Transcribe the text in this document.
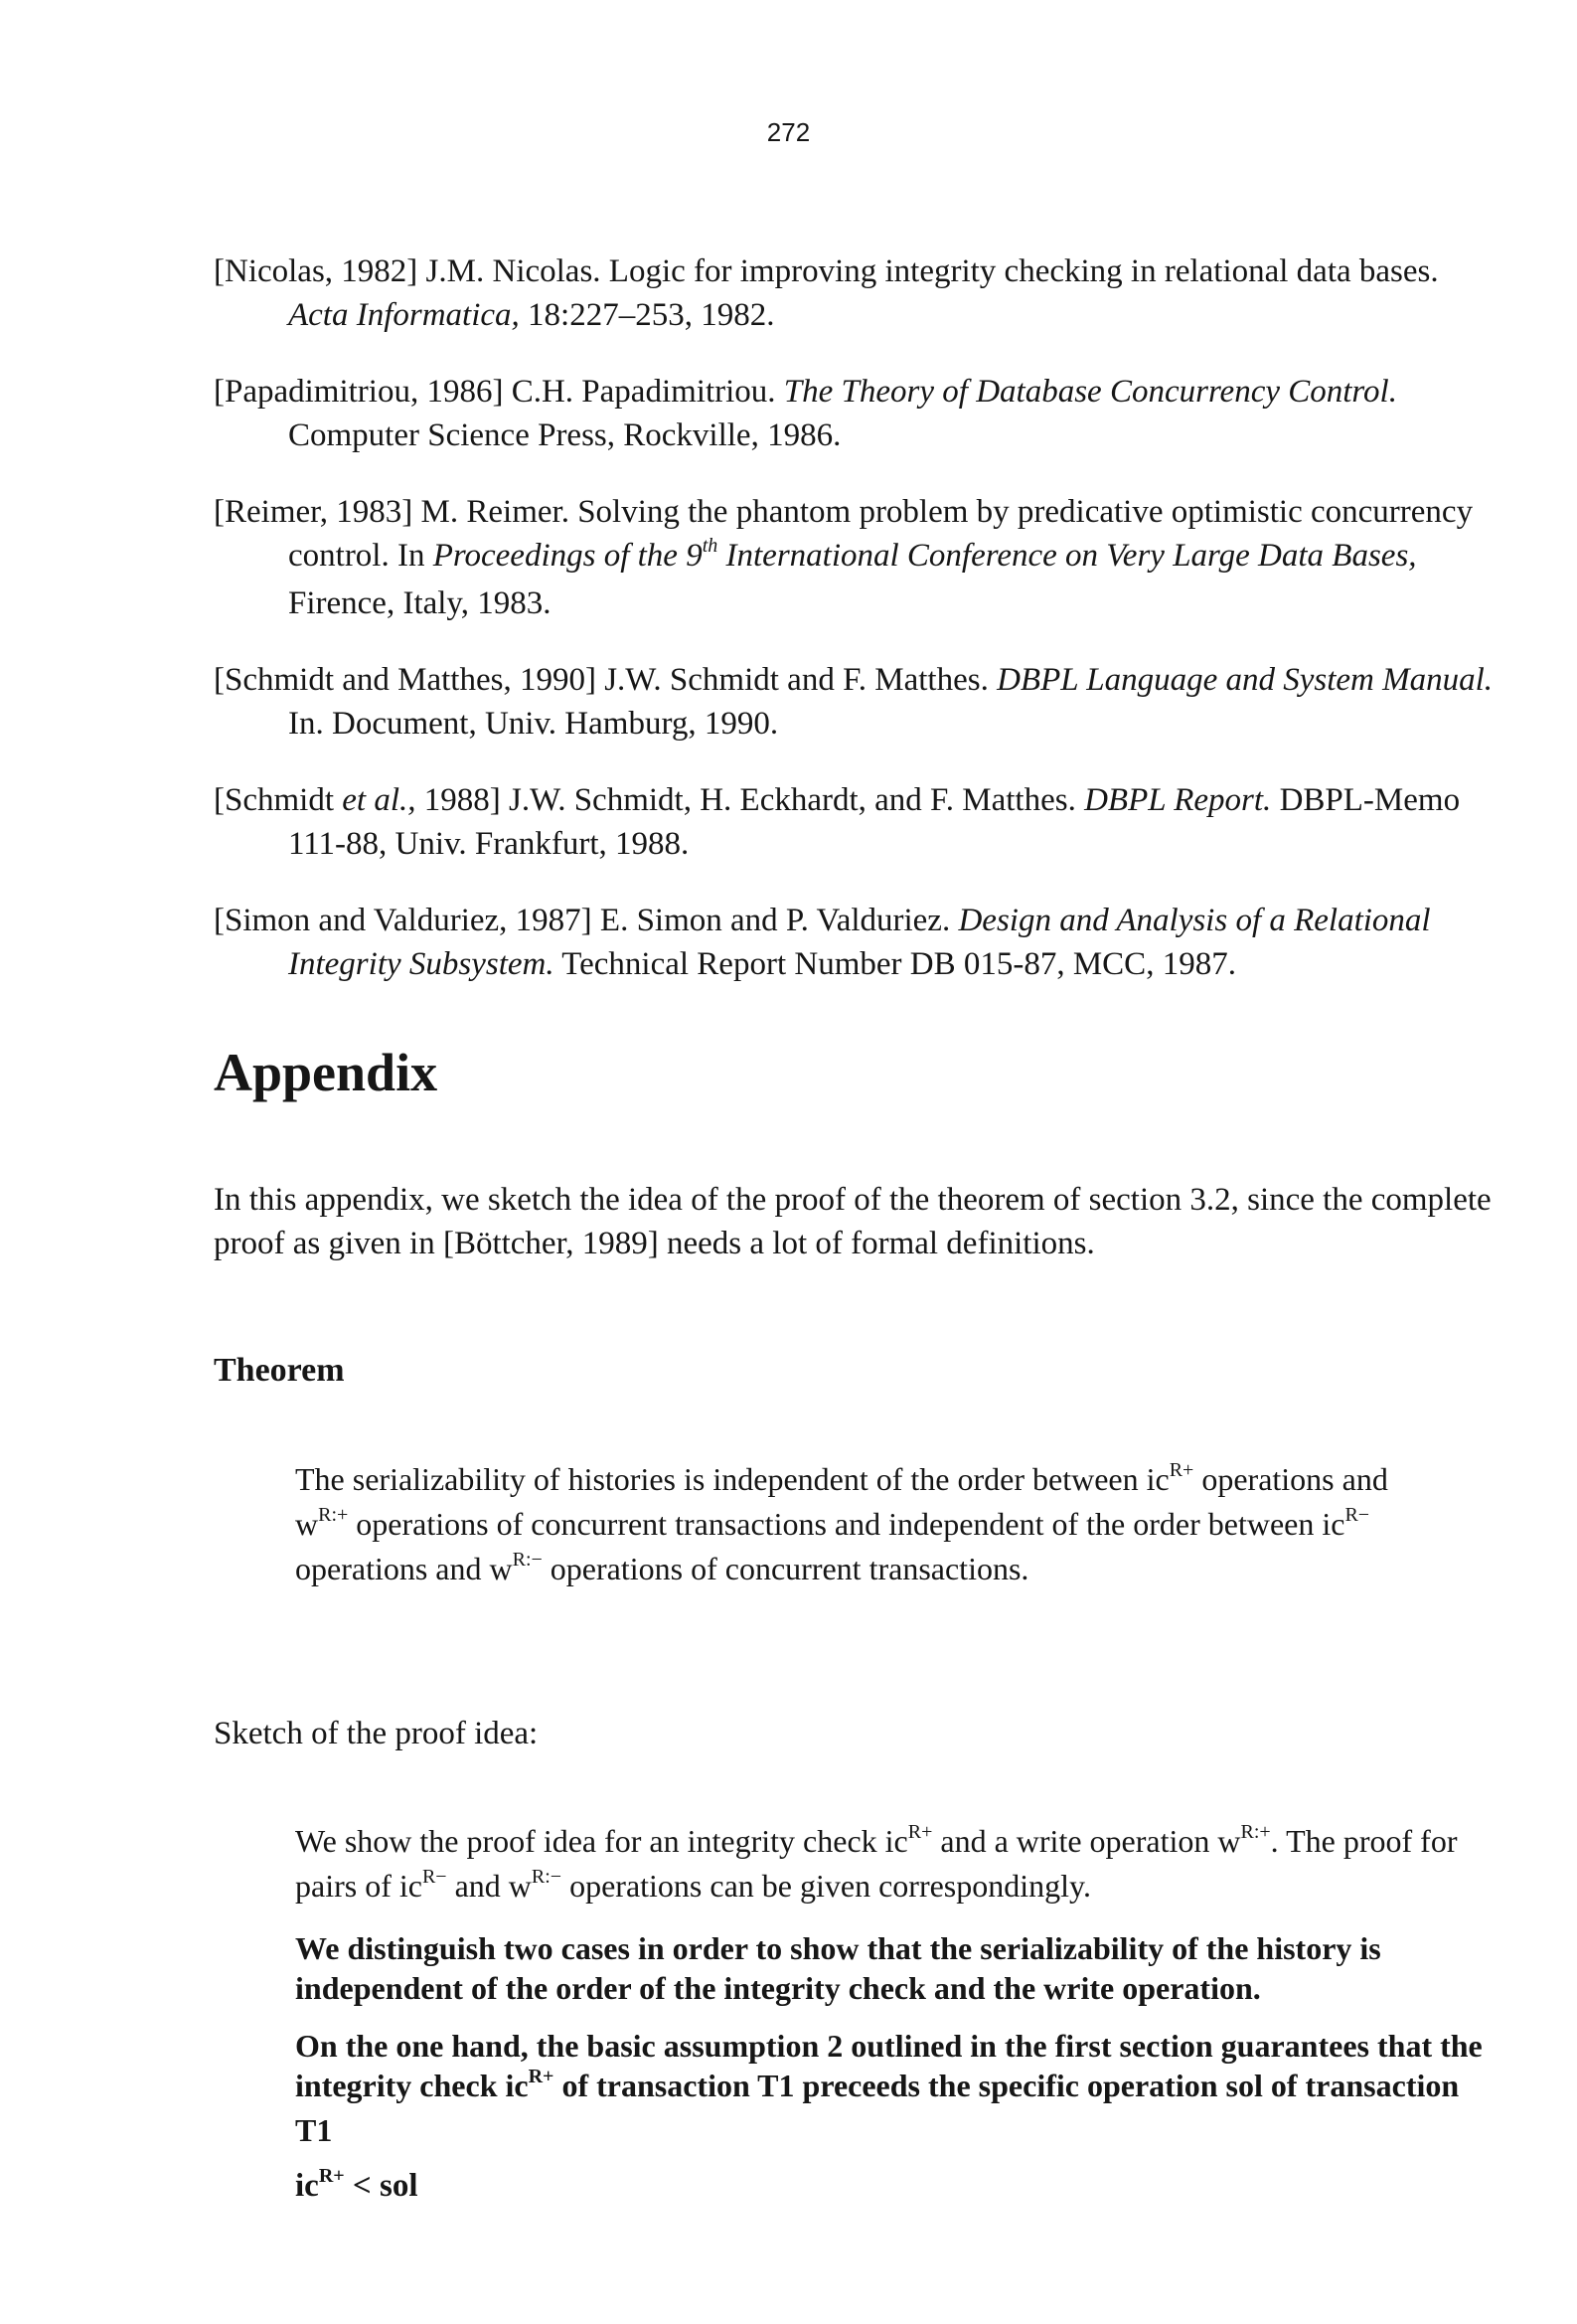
272

[Nicolas, 1982] J.M. Nicolas. Logic for improving integrity checking in relational data bases. Acta Informatica, 18:227–253, 1982.

[Papadimitriou, 1986] C.H. Papadimitriou. The Theory of Database Concurrency Control. Computer Science Press, Rockville, 1986.

[Reimer, 1983] M. Reimer. Solving the phantom problem by predicative optimistic concurrency control. In Proceedings of the 9th International Conference on Very Large Data Bases, Firence, Italy, 1983.

[Schmidt and Matthes, 1990] J.W. Schmidt and F. Matthes. DBPL Language and System Manual. In. Document, Univ. Hamburg, 1990.

[Schmidt et al., 1988] J.W. Schmidt, H. Eckhardt, and F. Matthes. DBPL Report. DBPL-Memo 111-88, Univ. Frankfurt, 1988.

[Simon and Valduriez, 1987] E. Simon and P. Valduriez. Design and Analysis of a Relational Integrity Subsystem. Technical Report Number DB 015-87, MCC, 1987.

Appendix

In this appendix, we sketch the idea of the proof of the theorem of section 3.2, since the complete proof as given in [Böttcher, 1989] needs a lot of formal definitions.

Theorem

The serializability of histories is independent of the order between $ic^{R+}$ operations and $w^{R:+}$ operations of concurrent transactions and independent of the order between $ic^{R-}$ operations and $w^{R:-}$ operations of concurrent transactions.

Sketch of the proof idea:

We show the proof idea for an integrity check $ic^{R+}$ and a write operation $w^{R:+}$. The proof for pairs of $ic^{R-}$ and $w^{R:-}$ operations can be given correspondingly.

We distinguish two cases in order to show that the serializability of the history is independent of the order of the integrity check and the write operation.

On the one hand, the basic assumption 2 outlined in the first section guarantees that the integrity check $ic^{R+}$ of transaction T1 preceeds the specific operation sol of transaction T1

$ic^{R+}$ < sol
